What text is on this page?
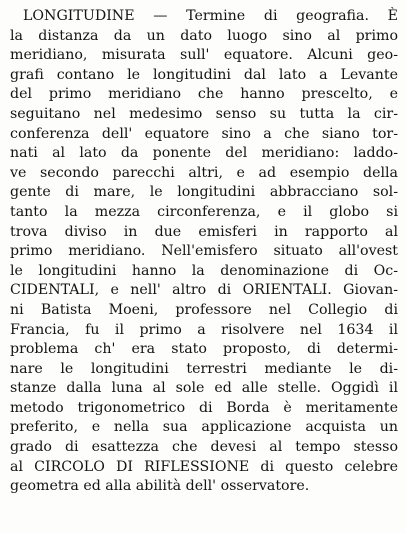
LONGITUDINE — Termine di geografia. È
la distanza da un dato luogo sino al primo
meridiano, misurata sull' equatore. Alcuni geo-
grafi contano le longitudini dal lato a Levante
del primo meridiano che hanno prescelto, e
seguitano nel medesimo senso su tutta la cir-
conferenza dell' equatore sino a che siano tor-
nati al lato da ponente del meridiano: laddo-
ve secondo parecchi altri, e ad esempio della
gente di mare, le longitudini abbracciano sol-
tanto la mezza circonferenza, e il globo si
trova diviso in due emisferi in rapporto al
primo meridiano. Nell'emisfero situato all'ovest
le longitudini hanno la denominazione di Oc-
CIDENTALI, e nell' altro di ORIENTALI. Giovan-
ni Batista Moeni, professore nel Collegio di
Francia, fu il primo a risolvere nel 1634 il
problema ch' era stato proposto, di determi-
nare le longitudini terrestri mediante le di-
stanze dalla luna al sole ed alle stelle. Oggidì il
metodo trigonometrico di Borda è meritamente
preferito, e nella sua applicazione acquista un
grado di esattezza che devesi al tempo stesso
al CIRCOLO DI RIFLESSIONE di questo celebre
geometra ed alla abilità dell' osservatore.
